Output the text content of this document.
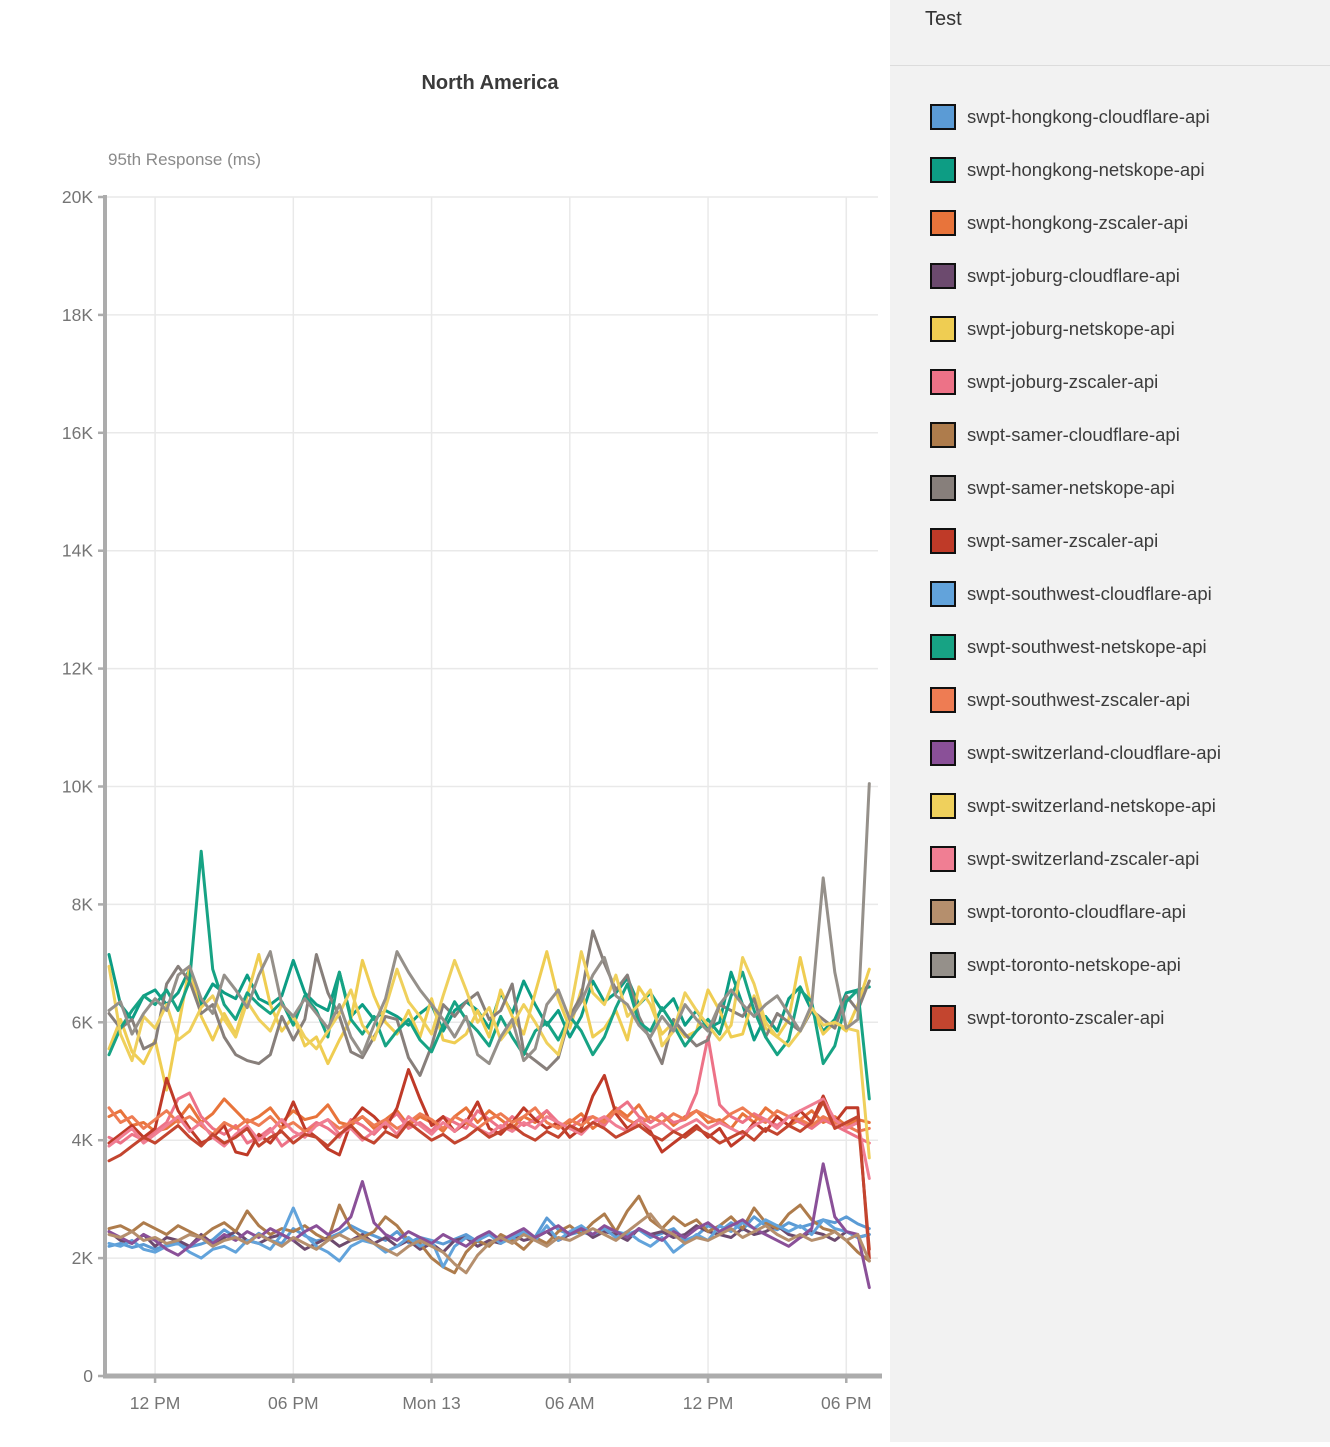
North America
95th Response (ms)
20K
18K
16K
14K
12K
10K
8K
6K
4K
2K
0
12 PM	06 PM	Mon 13	06 AM	12 PM	06 PM
Test
swpt-hongkong-cloudflare-api
swpt-hongkong-netskope-api
swpt-hongkong-zscaler-api
swpt-joburg-cloudflare-api
swpt-joburg-netskope-api
swpt-joburg-zscaler-api
swpt-samer-cloudflare-api
swpt-samer-netskope-api
swpt-samer-zscaler-api
swpt-southwest-cloudflare-api
swpt-southwest-netskope-api
swpt-southwest-zscaler-api
swpt-switzerland-cloudflare-api
swpt-switzerland-netskope-api
swpt-switzerland-zscaler-api
swpt-toronto-cloudflare-api
swpt-toronto-netskope-api
swpt-toronto-zscaler-api
